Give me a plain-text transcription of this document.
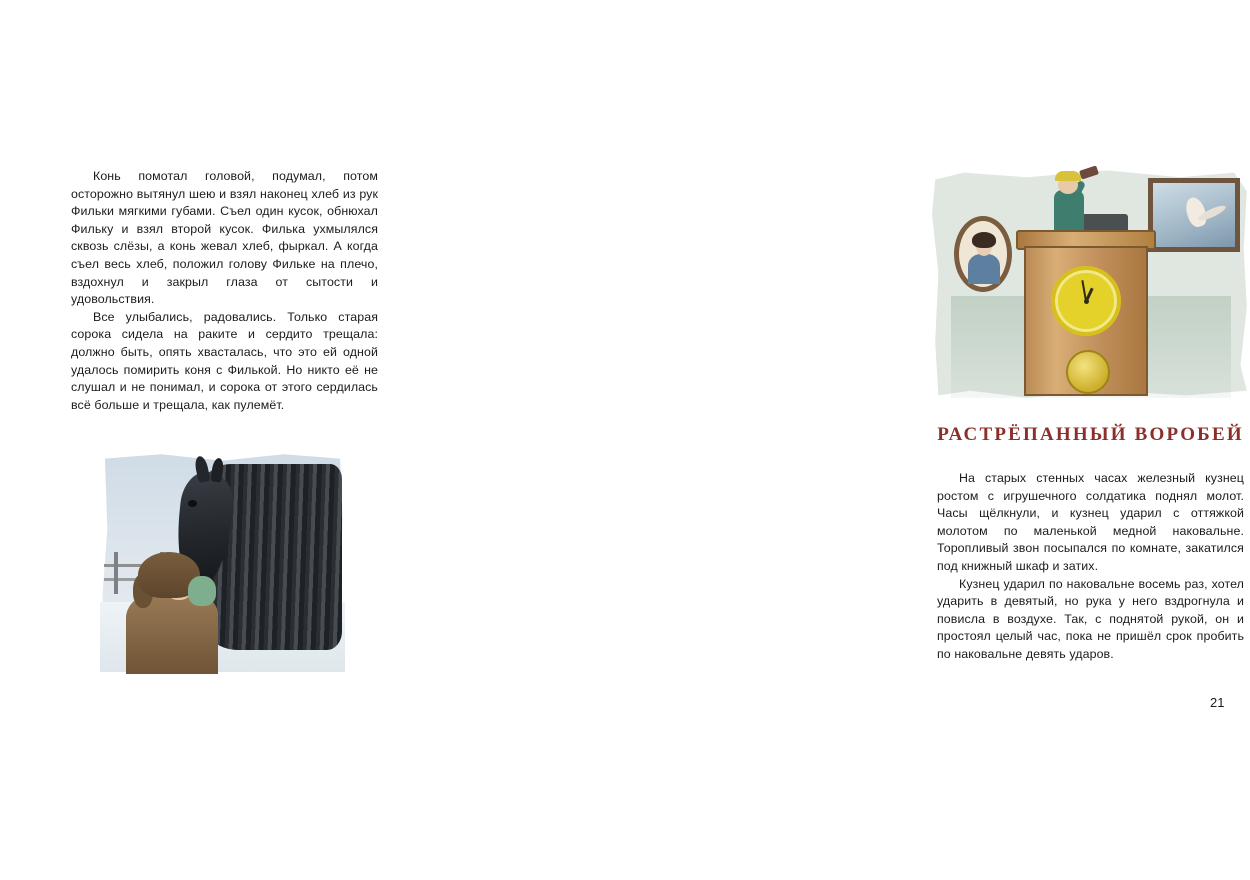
Конь помотал головой, подумал, потом осторожно вытянул шею и взял наконец хлеб из рук Фильки мягкими губами. Съел один кусок, обнюхал Фильку и взял второй кусок. Филька ухмылялся сквозь слёзы, а конь жевал хлеб, фыркал. А когда съел весь хлеб, положил голову Фильке на плечо, вздохнул и закрыл глаза от сытости и удовольствия.

Все улыбались, радовались. Только старая сорока сидела на раките и сердито трещала: должно быть, опять хвасталась, что это ей одной удалось помирить коня с Филькой. Но никто её не слушал и не понимал, и сорока от этого сердилась всё больше и трещала, как пулемёт.

РАСТРЁПАННЫЙ ВОРОБЕЙ

На старых стенных часах железный кузнец ростом с игрушечного солдатика поднял молот. Часы щёлкнули, и кузнец ударил с оттяжкой молотом по маленькой медной наковальне. Торопливый звон посыпался по комнате, закатился под книжный шкаф и затих.

Кузнец ударил по наковальне восемь раз, хотел ударить в девятый, но рука у него вздрогнула и повисла в воздухе. Так, с поднятой рукой, он и простоял целый час, пока не пришёл срок пробить по наковальне девять ударов.

21
